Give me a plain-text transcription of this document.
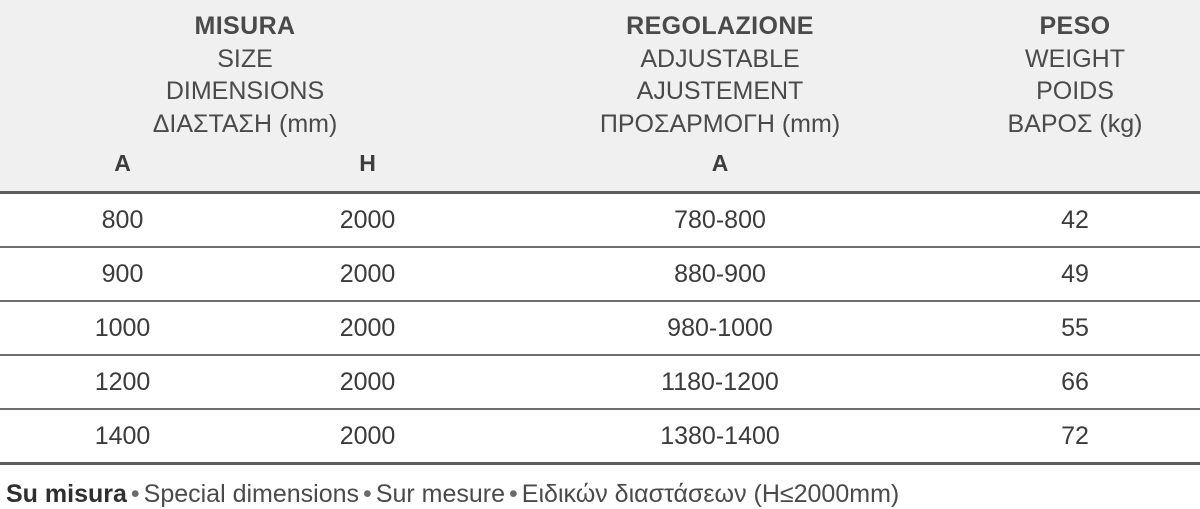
MISURA
SIZE
DIMENSIONS
ΔΙΑΣΤΑΣΗ (mm)		REGOLAZIONE
ADJUSTABLE
AJUSTEMENT
ΠΡΟΣΑΡΜΟΓΗ (mm)	PESO
WEIGHT
POIDS
ΒΑΡΟΣ (kg)

A	H	A	
800	2000	780-800	42
900	2000	880-900	49
1000	2000	980-1000	55
1200	2000	1180-1200	66
1400	2000	1380-1400	72
Su misura • Special dimensions • Sur mesure • Ειδικών διαστάσεων (H≤2000mm)
